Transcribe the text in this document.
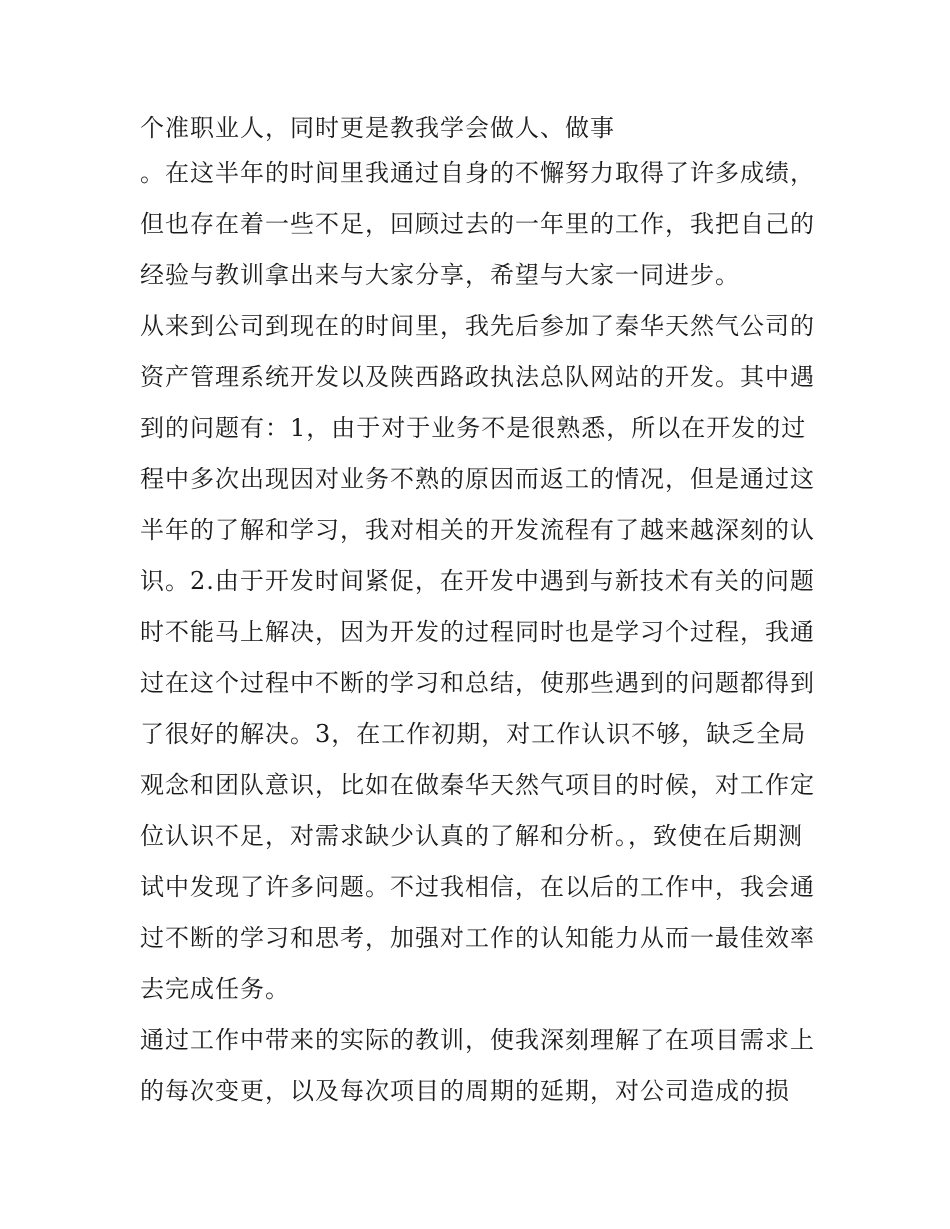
个准职业人，同时更是教我学会做人、做事
。在这半年的时间里我通过自身的不懈努力取得了许多成绩，
但也存在着一些不足，回顾过去的一年里的工作，我把自己的
经验与教训拿出来与大家分享，希望与大家一同进步。
从来到公司到现在的时间里，我先后参加了秦华天然气公司的
资产管理系统开发以及陕西路政执法总队网站的开发。其中遇
到的问题有：1，由于对于业务不是很熟悉，所以在开发的过
程中多次出现因对业务不熟的原因而返工的情况，但是通过这
半年的了解和学习，我对相关的开发流程有了越来越深刻的认
识。2.由于开发时间紧促，在开发中遇到与新技术有关的问题
时不能马上解决，因为开发的过程同时也是学习个过程，我通
过在这个过程中不断的学习和总结，使那些遇到的问题都得到
了很好的解决。3，在工作初期，对工作认识不够，缺乏全局
观念和团队意识，比如在做秦华天然气项目的时候，对工作定
位认识不足，对需求缺少认真的了解和分析。，致使在后期测
试中发现了许多问题。不过我相信，在以后的工作中，我会通
过不断的学习和思考，加强对工作的认知能力从而一最佳效率
去完成任务。
通过工作中带来的实际的教训，使我深刻理解了在项目需求上
的每次变更，以及每次项目的周期的延期，对公司造成的损
